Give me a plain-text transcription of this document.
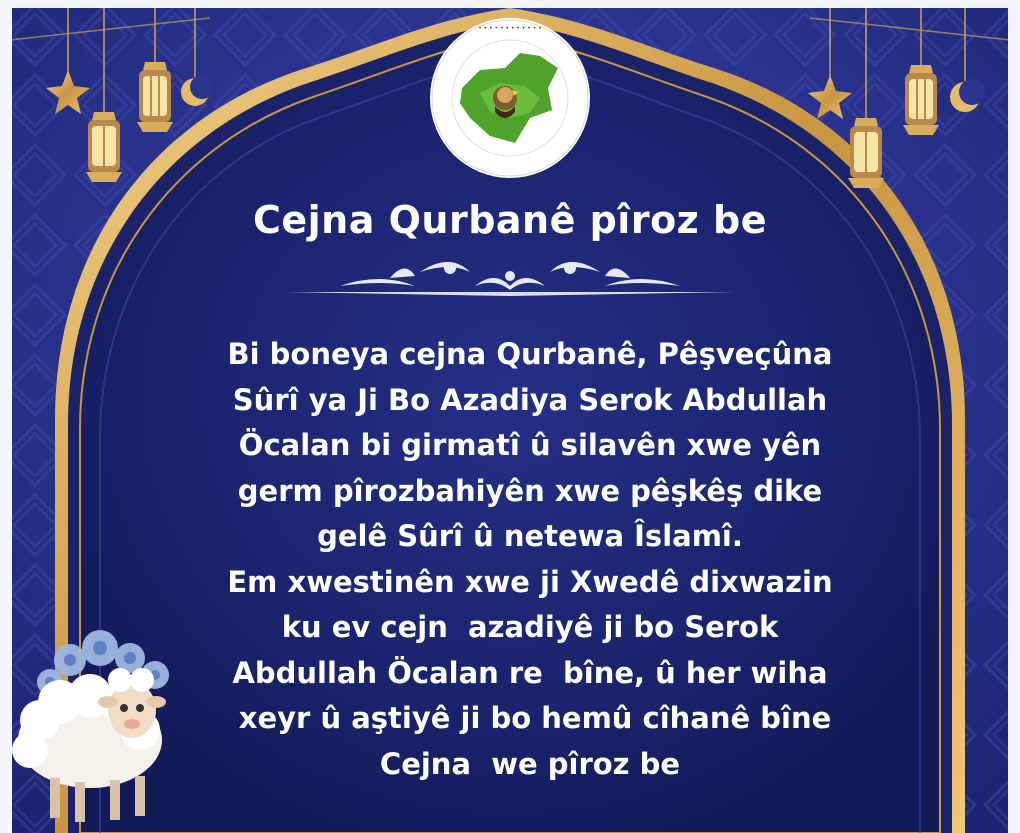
• • • • • • • • • • • •
Cejna Qurbanê pîroz be
Bi boneya cejna Qurbanê, Pêşveçûna
Sûrî ya Ji Bo Azadiya Serok Abdullah
Öcalan bi girmatî û silavên xwe yên
germ pîrozbahiyên xwe pêşkêş dike
gelê Sûrî û netewa Îslamî.
Em xwestinên xwe ji Xwedê dixwazin
ku ev cejn  azadiyê ji bo Serok
Abdullah Öcalan re  bîne, û her wiha
xeyr û aştiyê ji bo hemû cîhanê bîne
Cejna  we pîroz be
